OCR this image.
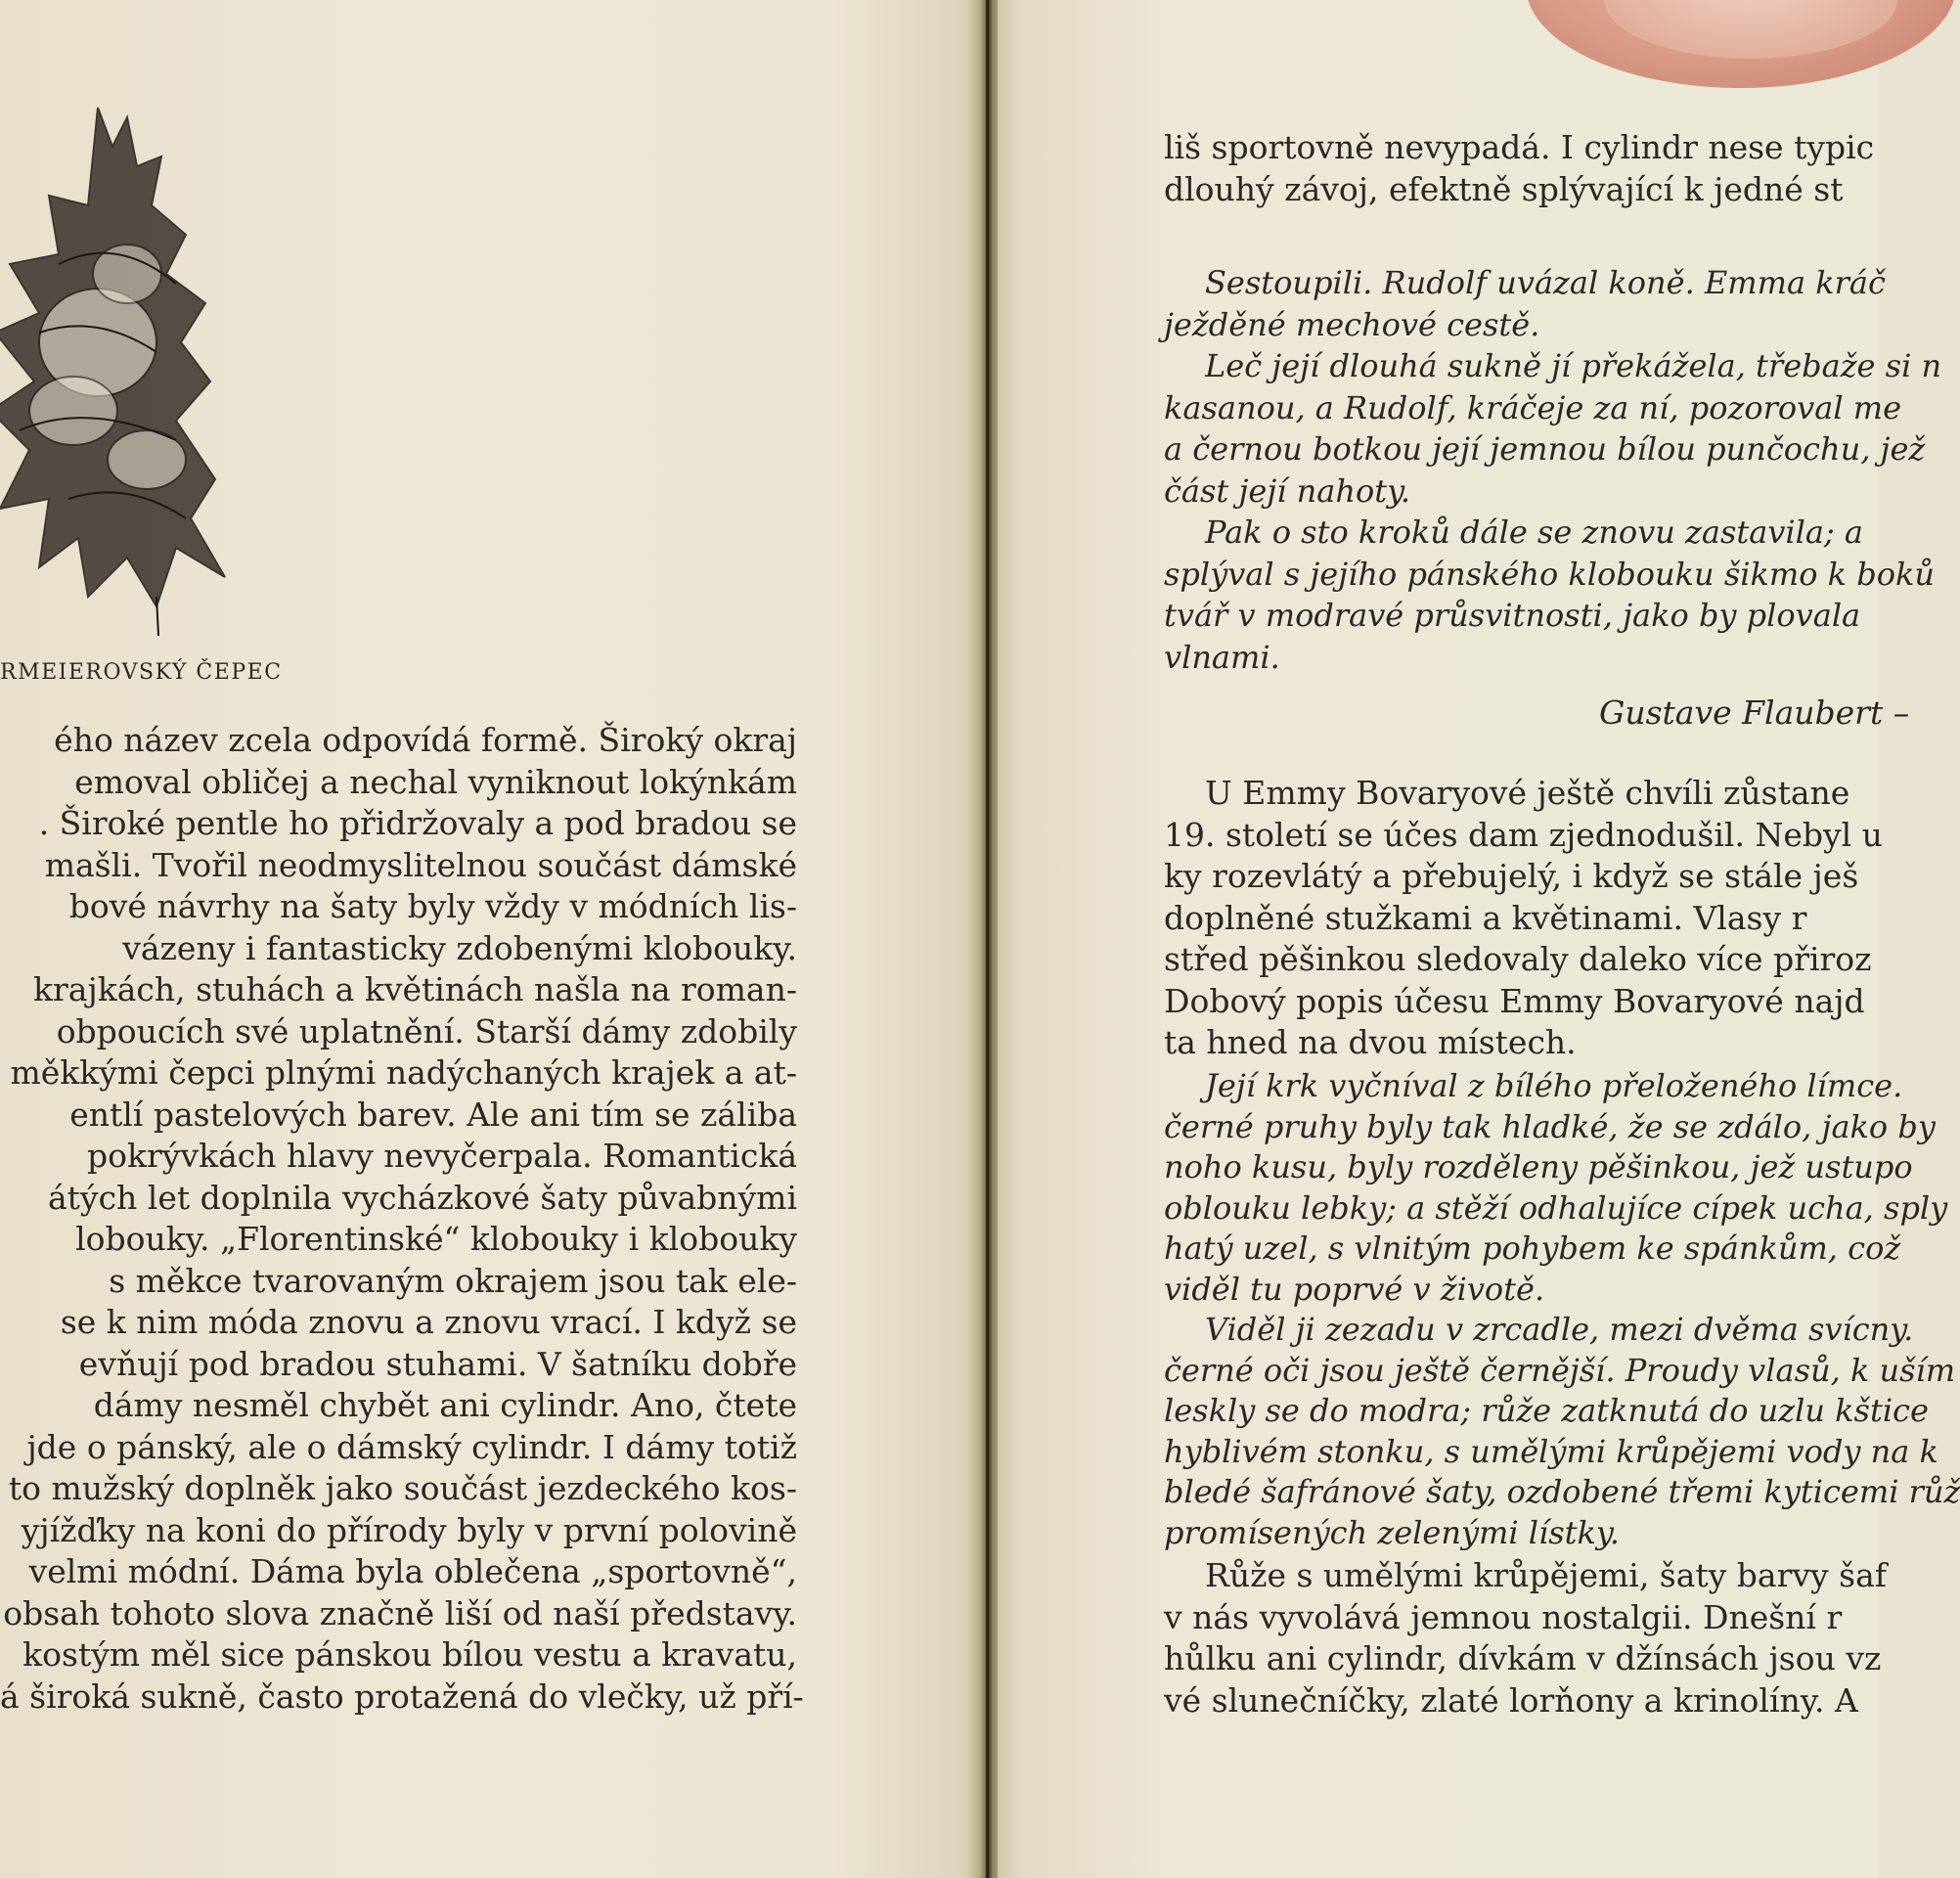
RMEIEROVSKÝ ČEPEC
ého název zcela odpovídá formě. Široký okraj
emoval obličej a nechal vyniknout lokýnkám
. Široké pentle ho přidržovaly a pod bradou se
mašli. Tvořil neodmyslitelnou součást dámské
bové návrhy na šaty byly vždy v módních lis-
vázeny i fantasticky zdobenými klobouky.
krajkách, stuhách a květinách našla na roman-
obpoucích své uplatnění. Starší dámy zdobily
měkkými čepci plnými nadýchaných krajek a at-
entlí pastelových barev. Ale ani tím se záliba
pokrývkách hlavy nevyčerpala. Romantická
átých let doplnila vycházkové šaty půvabnými
lobouky. „Florentinské“ klobouky i klobouky
s měkce tvarovaným okrajem jsou tak ele-
se k nim móda znovu a znovu vrací. I když se
evňují pod bradou stuhami. V šatníku dobře
dámy nesměl chybět ani cylindr. Ano, čtete
jde o pánský, ale o dámský cylindr. I dámy totiž
to mužský doplněk jako součást jezdeckého kos-
yjížďky na koni do přírody byly v první polovině
velmi módní. Dáma byla oblečena „sportovně“,
obsah tohoto slova značně liší od naší představy.
kostým měl sice pánskou bílou vestu a kravatu,
á široká sukně, často protažená do vlečky, už pří-
liš sportovně nevypadá. I cylindr nese typic
dlouhý závoj, efektně splývající k jedné st
Sestoupili. Rudolf uvázal koně. Emma kráč
ježděné mechové cestě.
Leč její dlouhá sukně jí překážela, třebaže si n
kasanou, a Rudolf, kráčeje za ní, pozoroval me
a černou botkou její jemnou bílou punčochu, jež
část její nahoty.
Pak o sto kroků dále se znovu zastavila; a
splýval s jejího pánského klobouku šikmo k boků
tvář v modravé průsvitnosti, jako by plovala
vlnami.
Gustave Flaubert –
U Emmy Bovaryové ještě chvíli zůstane
19. století se účes dam zjednodušil. Nebyl u
ky rozevlátý a přebujelý, i když se stále ješ
doplněné stužkami a květinami. Vlasy r
střed pěšinkou sledovaly daleko více přiroz
Dobový popis účesu Emmy Bovaryové najd
ta hned na dvou místech.
Její krk vyčníval z bílého přeloženého límce.
černé pruhy byly tak hladké, že se zdálo, jako by
noho kusu, byly rozděleny pěšinkou, jež ustupo
oblouku lebky; a stěží odhalujíce cípek ucha, sply
hatý uzel, s vlnitým pohybem ke spánkům, což
viděl tu poprvé v životě.
Viděl ji zezadu v zrcadle, mezi dvěma svícny.
černé oči jsou ještě černější. Proudy vlasů, k uším
leskly se do modra; růže zatknutá do uzlu kštice
hyblivém stonku, s umělými krůpějemi vody na k
bledé šafránové šaty, ozdobené třemi kyticemi růž
promísených zelenými lístky.
Růže s umělými krůpějemi, šaty barvy šaf
v nás vyvolává jemnou nostalgii. Dnešní r
hůlku ani cylindr, dívkám v džínsách jsou vz
vé slunečníčky, zlaté lorňony a krinolíny. A
